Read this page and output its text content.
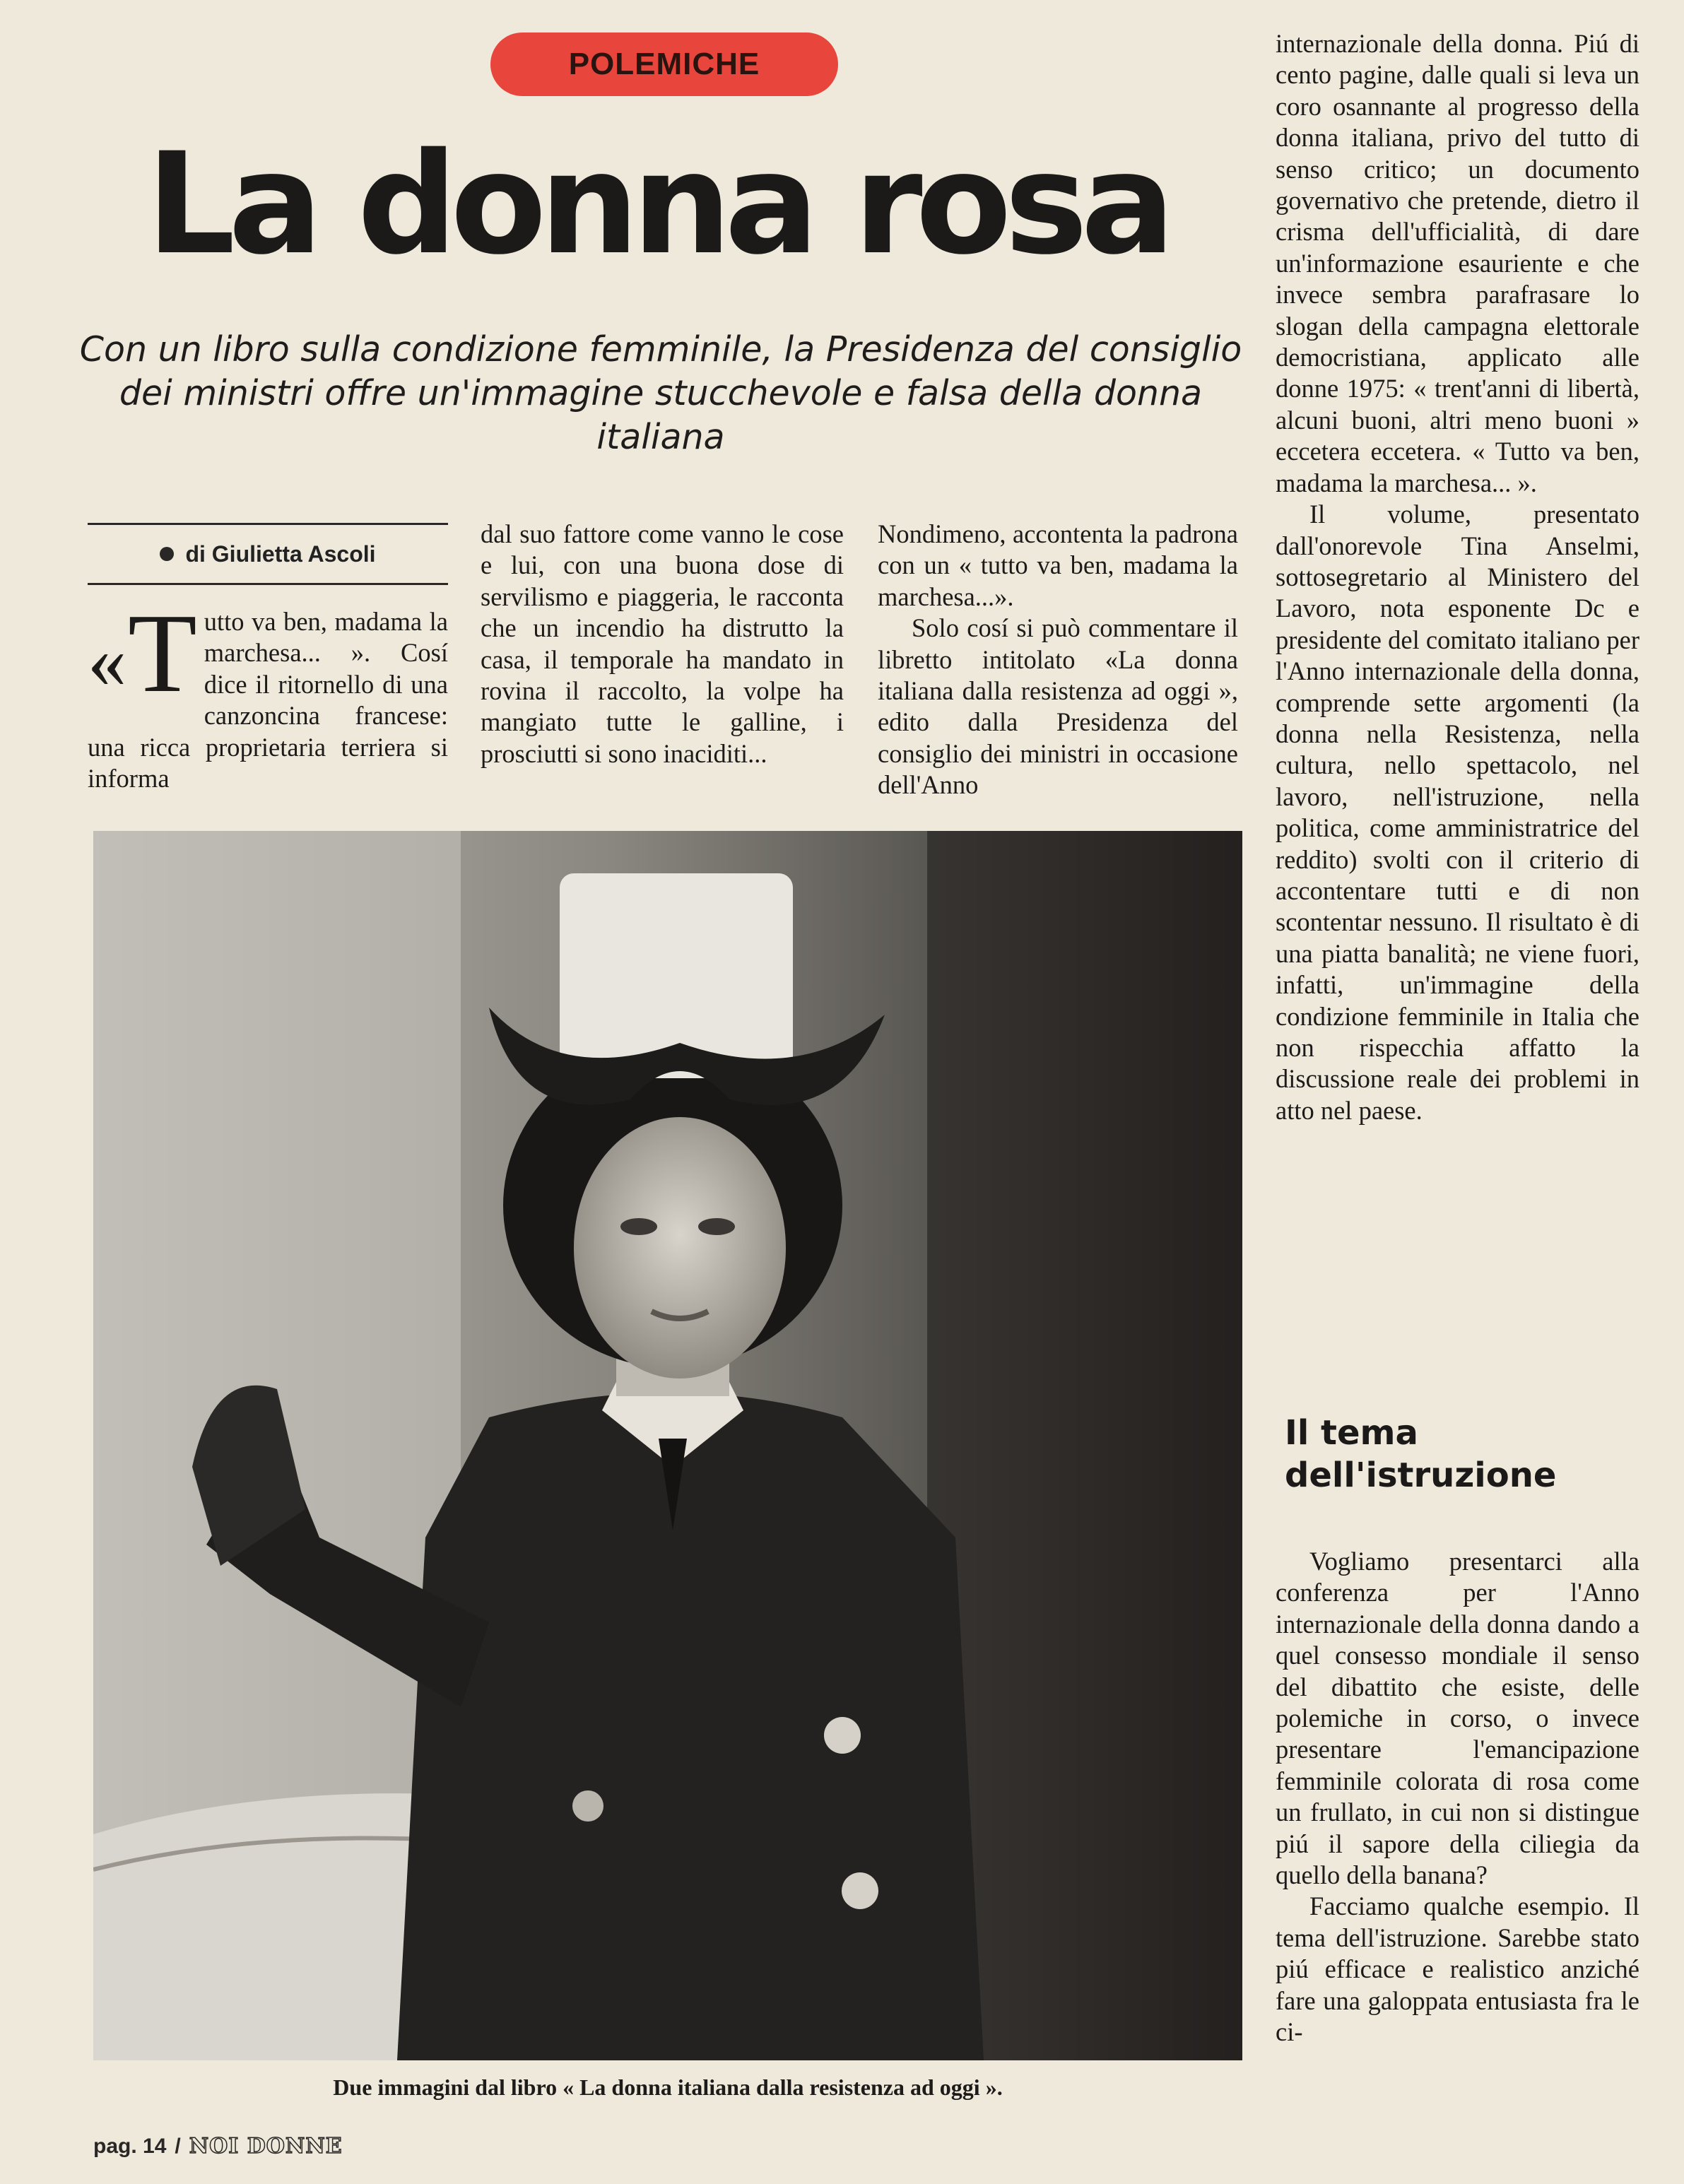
POLEMICHE
La donna rosa
Con un libro sulla condizione femminile, la Presidenza del consiglio dei ministri offre un'immagine stucchevole e falsa della donna italiana
di Giulietta Ascoli
«T utto va ben, madama la marchesa... ». Cosí dice il ritornello di una canzoncina francese: una ricca proprietaria terriera si informa

dal suo fattore come vanno le cose e lui, con una buona dose di servilismo e piaggeria, le racconta che un incendio ha distrutto la casa, il temporale ha mandato in rovina il raccolto, la volpe ha mangiato tutte le galline, i prosciutti si sono inaciditi...

Nondimeno, accontenta la padrona con un « tutto va ben, madama la marchesa...».

Solo cosí si può commentare il libretto intitolato «La donna italiana dalla resistenza ad oggi », edito dalla Presidenza del consiglio dei ministri in occasione dell'Anno

internazionale della donna. Piú di cento pagine, dalle quali si leva un coro osannante al progresso della donna italiana, privo del tutto di senso critico; un documento governativo che pretende, dietro il crisma dell'ufficialità, di dare un'informazione esauriente e che invece sembra parafrasare lo slogan della campagna elettorale democristiana, applicato alle donne 1975: « trent'anni di libertà, alcuni buoni, altri meno buoni » eccetera eccetera. « Tutto va ben, madama la marchesa... ».

Il volume, presentato dall'onorevole Tina Anselmi, sottosegretario al Ministero del Lavoro, nota esponente Dc e presidente del comitato italiano per l'Anno internazionale della donna, comprende sette argomenti (la donna nella Resistenza, nella cultura, nello spettacolo, nel lavoro, nell'istruzione, nella politica, come amministratrice del reddito) svolti con il criterio di accontentare tutti e di non scontentar nessuno. Il risultato è di una piatta banalità; ne viene fuori, infatti, un'immagine della condizione femminile in Italia che non rispecchia affatto la discussione reale dei problemi in atto nel paese.

Il tema dell'istruzione

Vogliamo presentarci alla conferenza per l'Anno internazionale della donna dando a quel consesso mondiale il senso del dibattito che esiste, delle polemiche in corso, o invece presentare l'emancipazione femminile colorata di rosa come un frullato, in cui non si distingue piú il sapore della ciliegia da quello della banana?

Facciamo qualche esempio. Il tema dell'istruzione. Sarebbe stato piú efficace e realistico anziché fare una galoppata entusiasta fra le ci-

Due immagini dal libro « La donna italiana dalla resistenza ad oggi ».
pag. 14 / NOI DONNE
